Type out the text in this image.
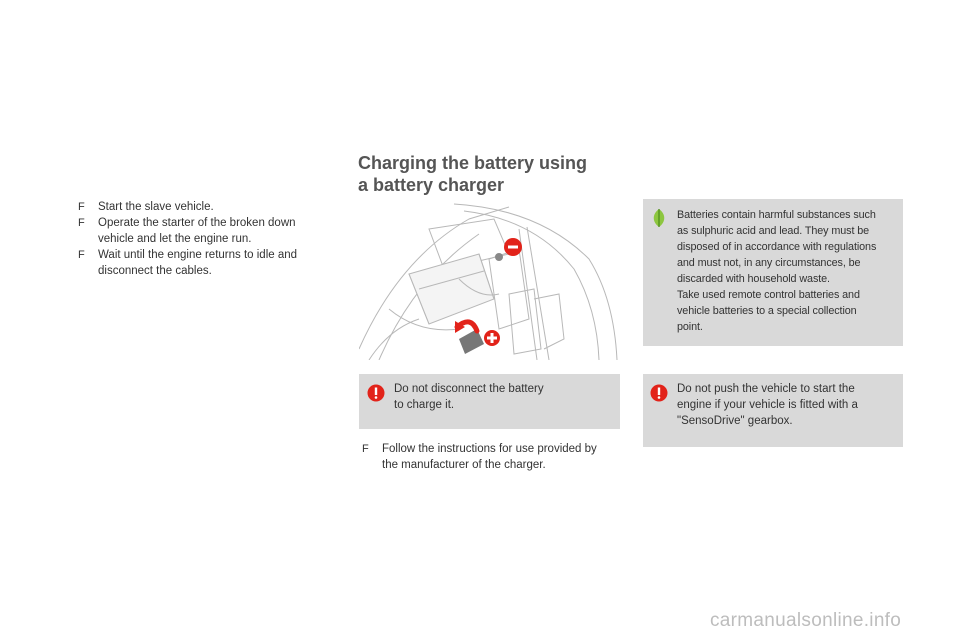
F Start the slave vehicle.
F Operate the starter of the broken down vehicle and let the engine run.
F Wait until the engine returns to idle and disconnect the cables.
Charging the battery using
a battery charger
Batteries contain harmful substances such
as sulphuric acid and lead. They must be
disposed of in accordance with regulations
and must not, in any circumstances, be
discarded with household waste.
Take used remote control batteries and
vehicle batteries to a special collection
point.
Do not disconnect the battery
to charge it.
Do not push the vehicle to start the
engine if your vehicle is fitted with a
"SensoDrive" gearbox.
F Follow the instructions for use provided by
the manufacturer of the charger.
carmanualsonline.info
